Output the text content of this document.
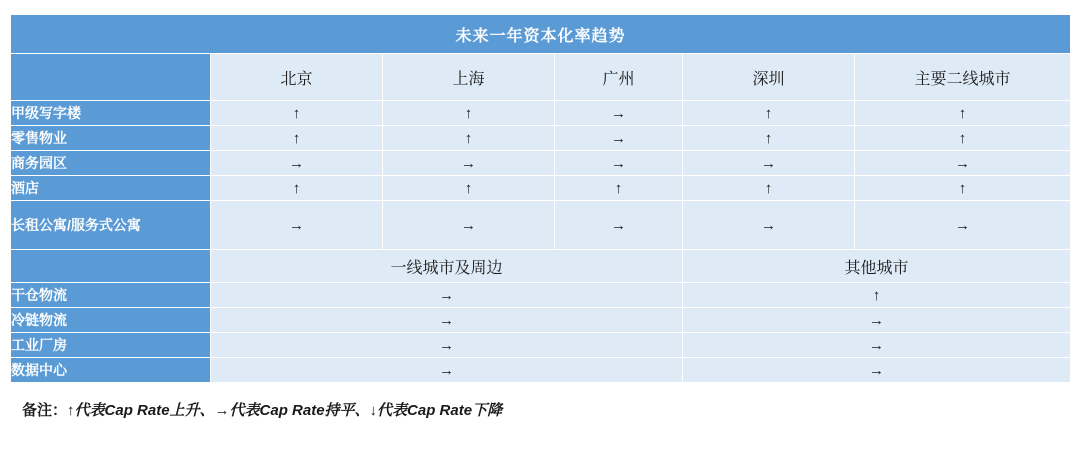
未来一年资本化率趋势					
	北京	上海	广州	深圳	主要二线城市
甲级写字楼	↑	↑	→	↑	↑
零售物业	↑	↑	→	↑	↑
商务园区	→	→	→	→	→
酒店	↑	↑	↑	↑	↑
长租公寓/服务式公寓	→	→	→	→	→
	一线城市及周边			其他城市	
干仓物流	→			↑	
冷链物流	→			→	
工业厂房	→			→	
数据中心	→			→	
备注：↑代表Cap Rate上升、→代表Cap Rate持平、↓代表Cap Rate下降
